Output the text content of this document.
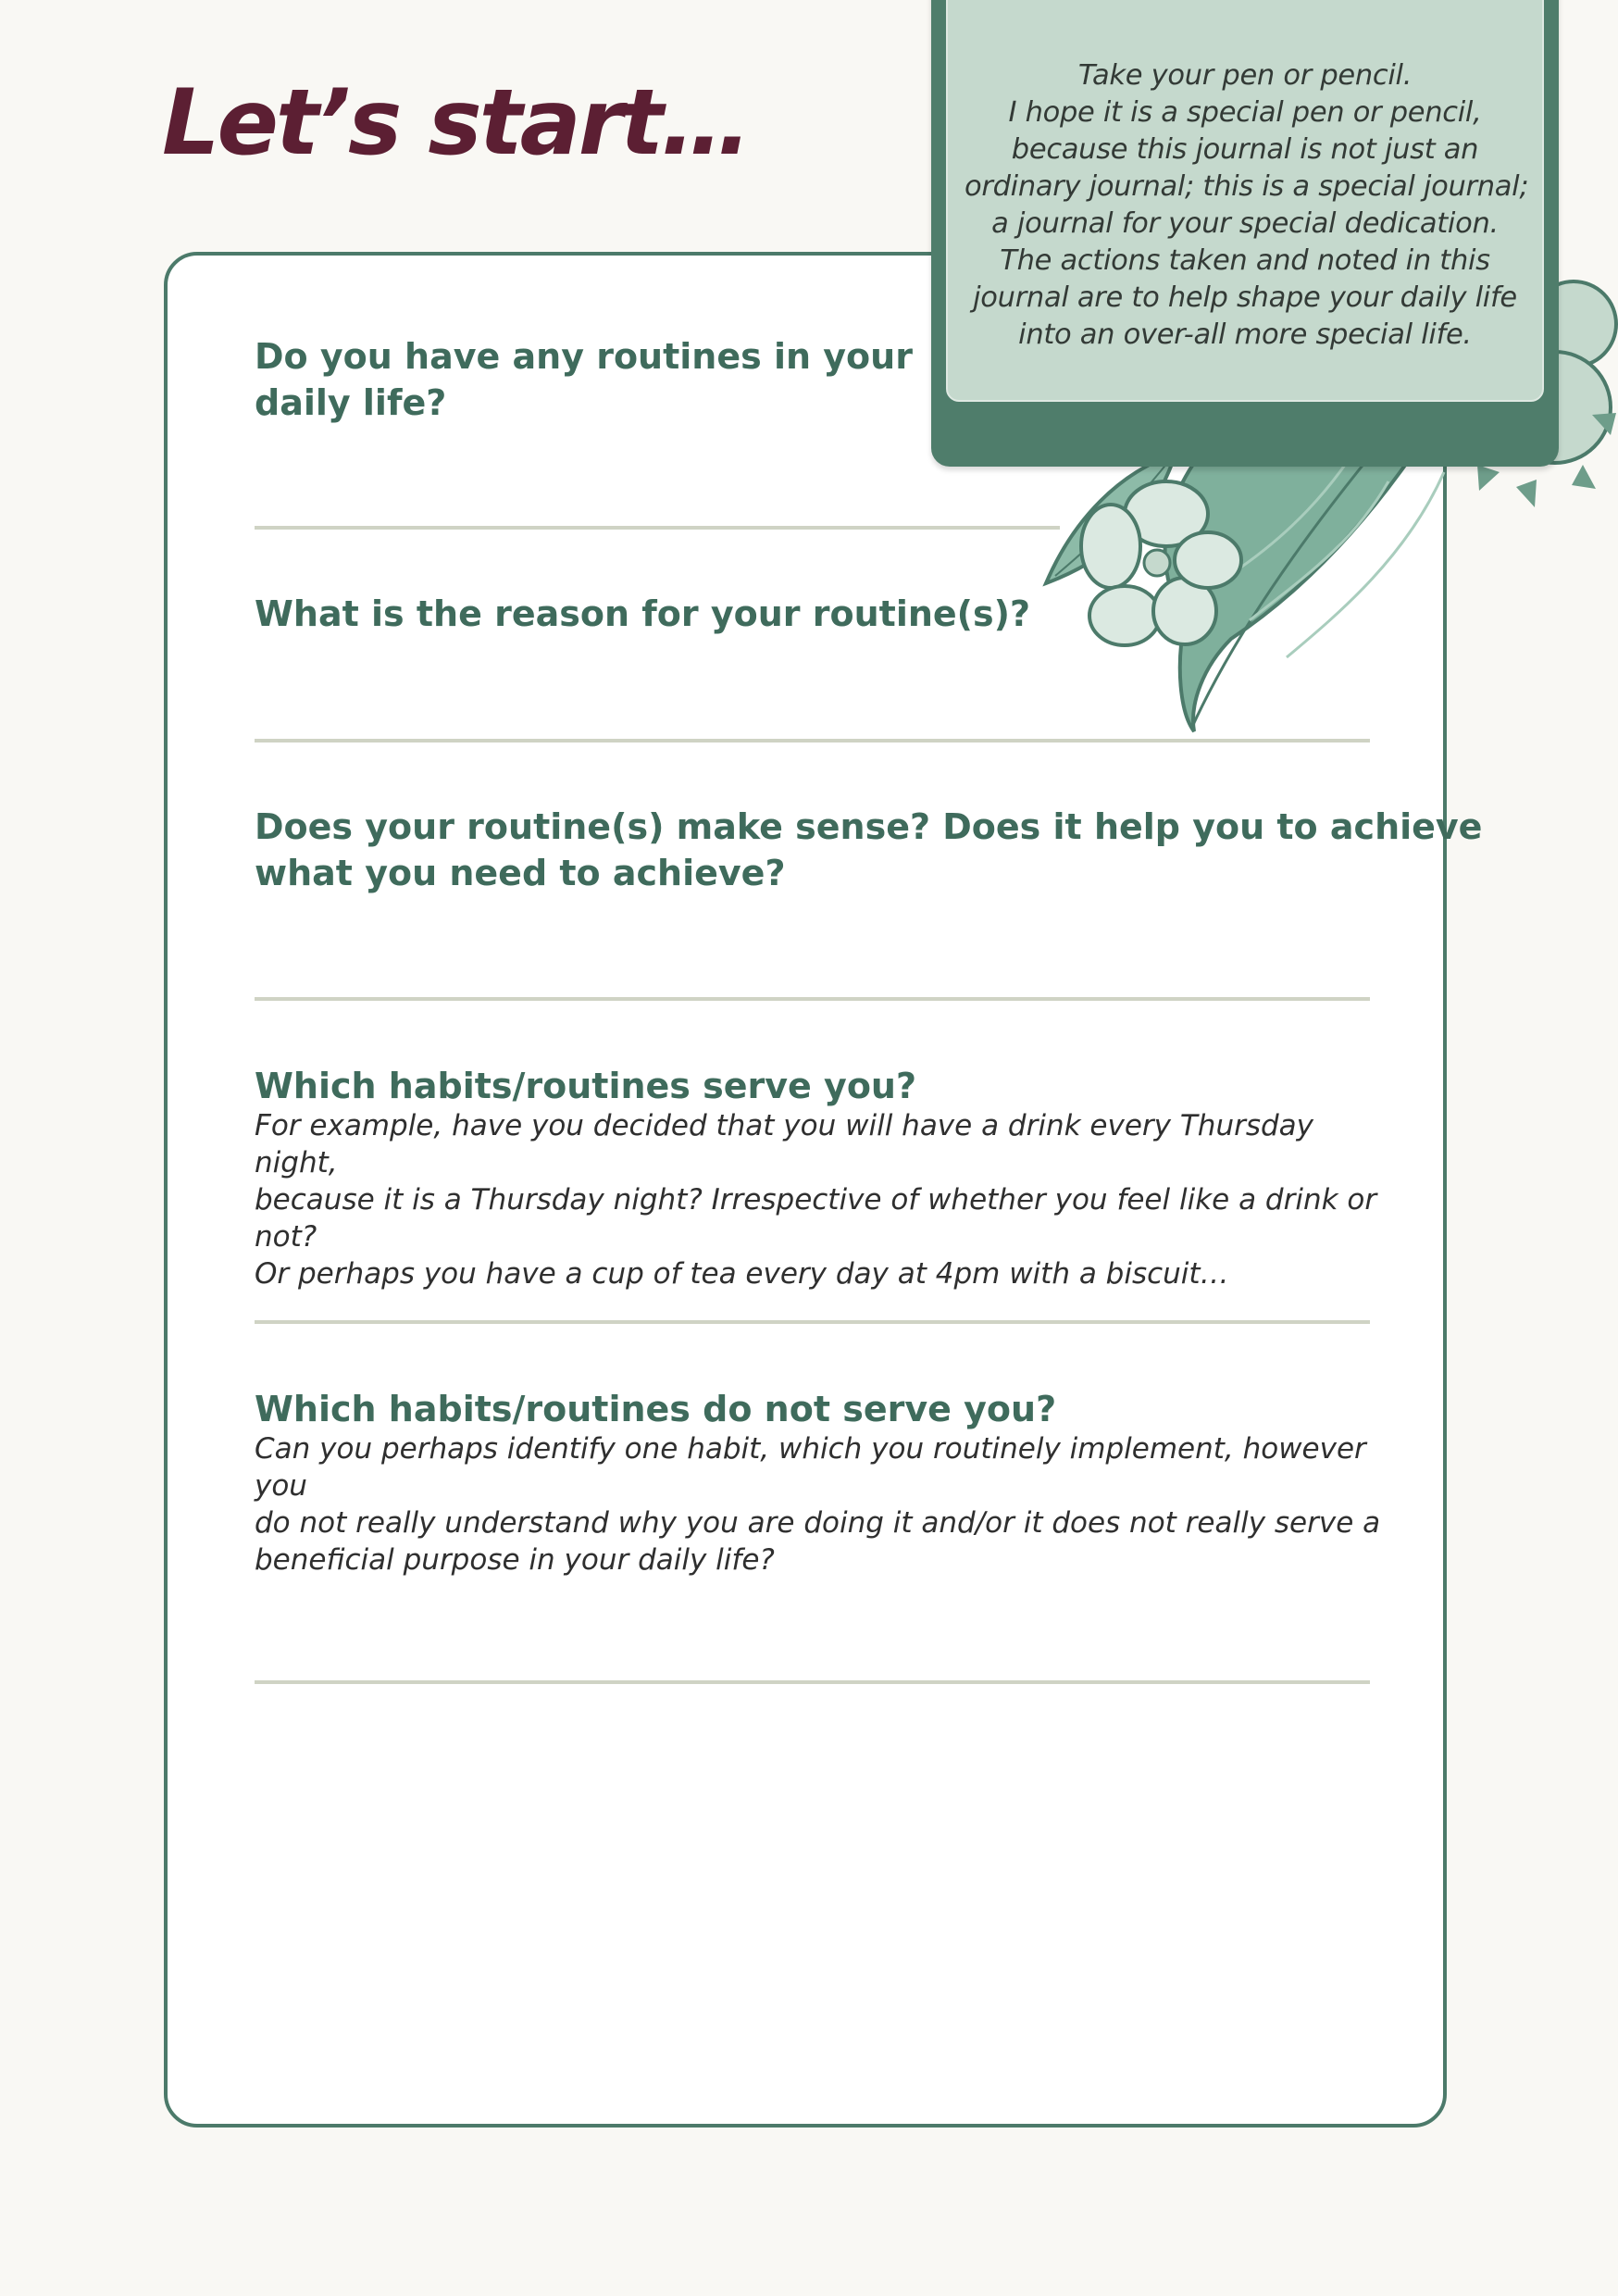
Let’s start…	Take your pen or pencil.
I hope it is a special pen or pencil,
because this journal is not just an
ordinary journal; this is a special journal;
a journal for your special dedication.
The actions taken and noted in this
journal are to help shape your daily life
into an over-all more special life.
Do you have any routines in your
daily life?
What is the reason for your routine(s)?
Does your routine(s) make sense? Does it help you to achieve
what you need to achieve?
Which habits/routines serve you?

For example, have you decided that you will have a drink every Thursday night,
because it is a Thursday night? Irrespective of whether you feel like a drink or not?
Or perhaps you have a cup of tea every day at 4pm with a biscuit…

Which habits/routines do not serve you?

Can you perhaps identify one habit, which you routinely implement, however you
do not really understand why you are doing it and/or it does not really serve a
beneficial purpose in your daily life?
